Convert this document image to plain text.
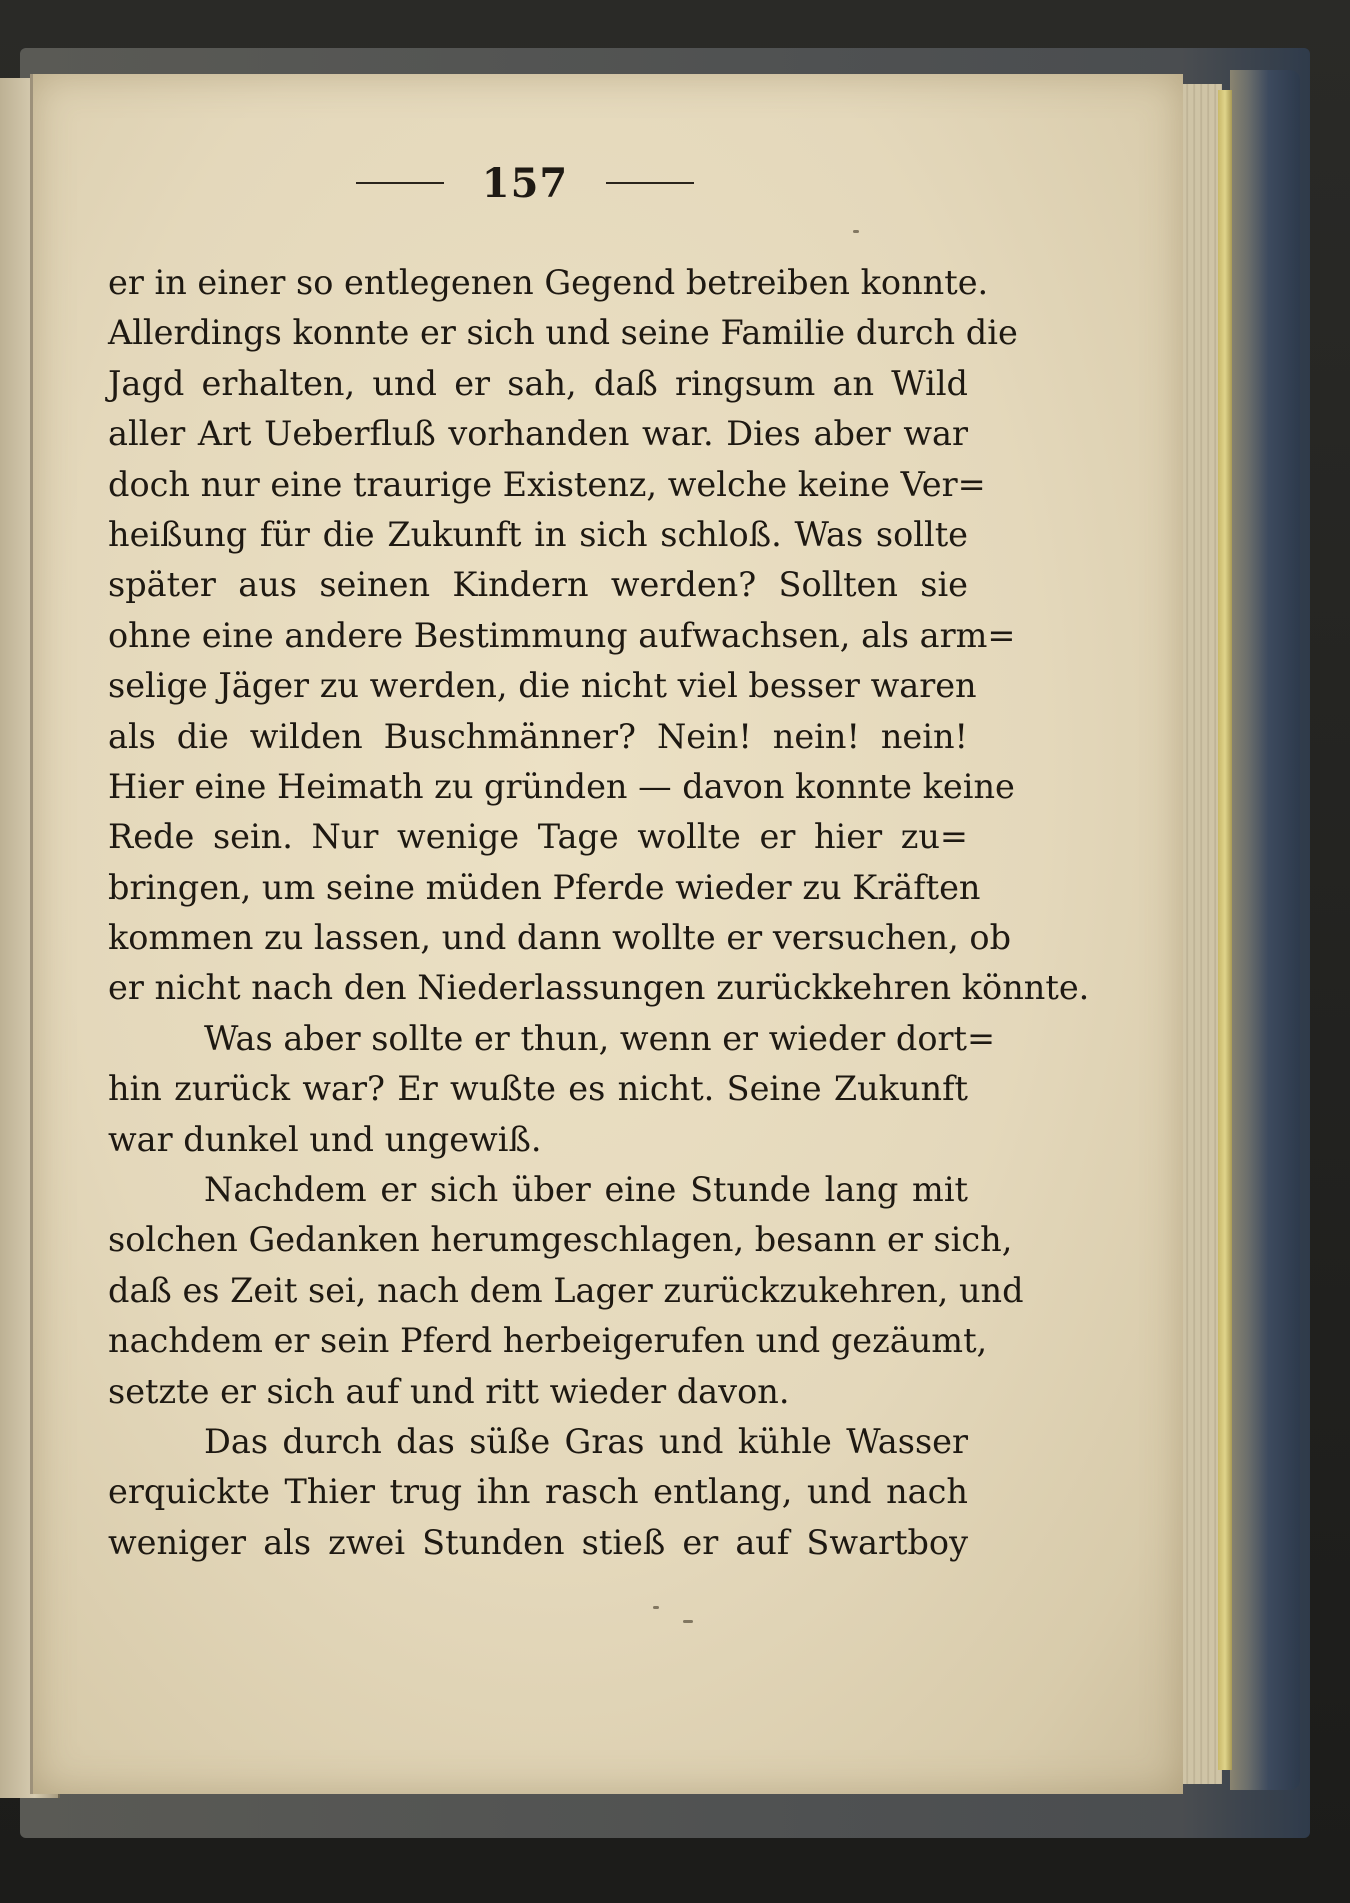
157
er in einer so entlegenen Gegend betreiben konnte.
Allerdings konnte er sich und seine Familie durch die
Jagd erhalten, und er sah, daß ringsum an Wild
aller Art Ueberfluß vorhanden war. Dies aber war
doch nur eine traurige Existenz, welche keine Ver=
heißung für die Zukunft in sich schloß. Was sollte
später aus seinen Kindern werden? Sollten sie
ohne eine andere Bestimmung aufwachsen, als arm=
selige Jäger zu werden, die nicht viel besser waren
als die wilden Buschmänner? Nein! nein! nein!
Hier eine Heimath zu gründen — davon konnte keine
Rede sein. Nur wenige Tage wollte er hier zu=
bringen, um seine müden Pferde wieder zu Kräften
kommen zu lassen, und dann wollte er versuchen, ob
er nicht nach den Niederlassungen zurückkehren könnte.
Was aber sollte er thun, wenn er wieder dort=
hin zurück war? Er wußte es nicht. Seine Zukunft
war dunkel und ungewiß.
Nachdem er sich über eine Stunde lang mit
solchen Gedanken herumgeschlagen, besann er sich,
daß es Zeit sei, nach dem Lager zurückzukehren, und
nachdem er sein Pferd herbeigerufen und gezäumt,
setzte er sich auf und ritt wieder davon.
Das durch das süße Gras und kühle Wasser
erquickte Thier trug ihn rasch entlang, und nach
weniger als zwei Stunden stieß er auf Swartboy
